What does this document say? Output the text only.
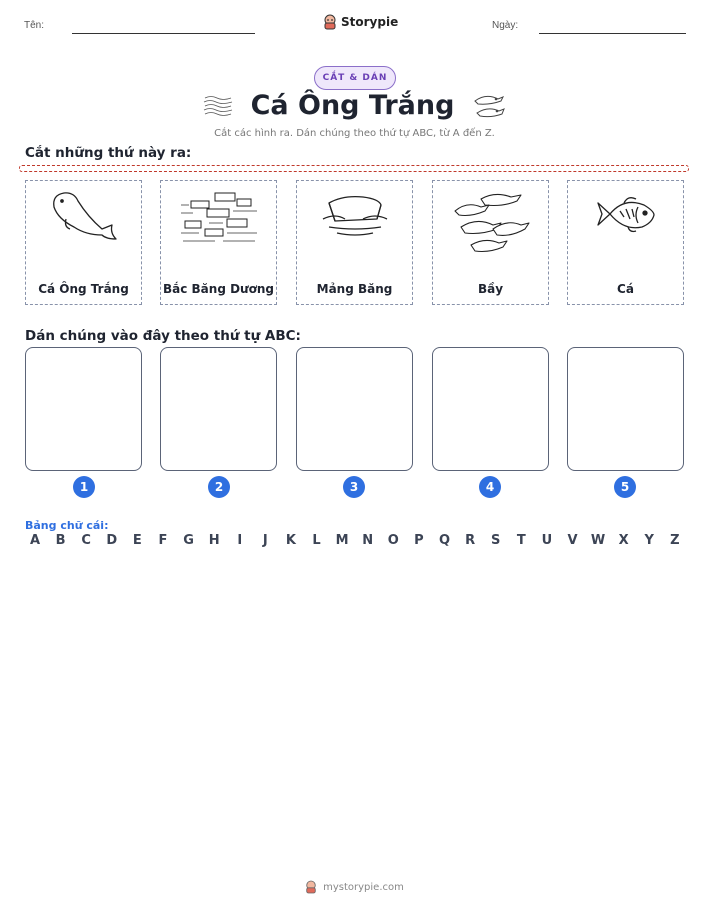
Tên:	Storypie	Ngày:
CẮT & DÁN
Cá Ông Trắng
Cắt các hình ra. Dán chúng theo thứ tự ABC, từ A đến Z.
Cắt những thứ này ra:
Cá Ông Trắng	Bắc Băng Dương	Mảng Băng	Bầy	Cá
Dán chúng vào đây theo thứ tự ABC:
1	2	3	4	5
Bảng chữ cái:
A	B	C	D	E	F	G	H	I	J	K	L	M	N	O	P	Q	R	S	T	U	V	W	X	Y	Z
mystorypie.com
